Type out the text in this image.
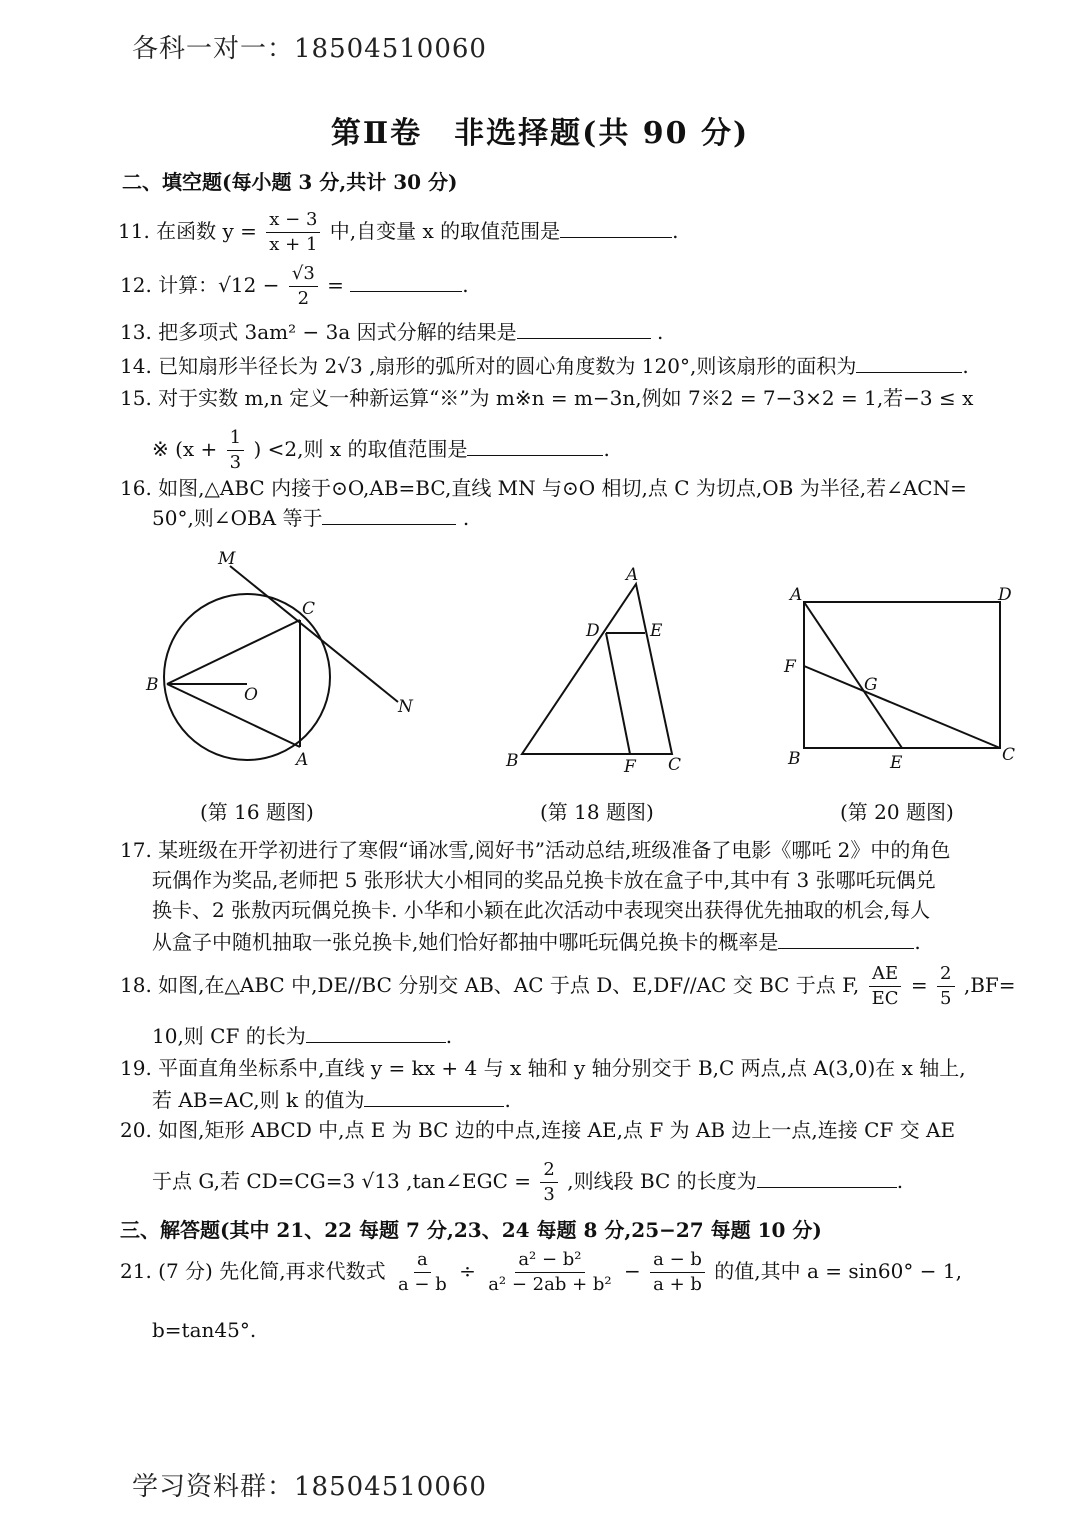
各科一对一：18504510060
第Ⅱ卷　非选择题(共 90 分)
二、填空题(每小题 3 分,共计 30 分)
11. 在函数 $y = \frac{x - 3}{x + 1}$ 中,自变量 x 的取值范围是	.
12. 计算：$√12 - \frac{√3}{2}$ =	.
13. 把多项式 3am² − 3a 因式分解的结果是	.
14. 已知扇形半径长为 2√3 ,扇形的弧所对的圆心角度数为 120°,则该扇形的面积为	.
15. 对于实数 m,n 定义一种新运算“※”为 m※n = m−3n,例如 7※2 = 7−3×2 = 1,若−3 ≤ x
※ ($x + \frac{1}{3}$ ) <2,则 x 的取值范围是	.
16. 如图,△ABC 内接于⊙O,AB=BC,直线 MN 与⊙O 相切,点 C 为切点,OB 为半径,若∠ACN=
50°,则∠OBA 等于	.
M
C
B	O
N
A
A
D	E
B	F C
A	D
F
G
B	E	C
(第 16 题图)	(第 18 题图)	(第 20 题图)
17. 某班级在开学初进行了寒假“诵冰雪,阅好书”活动总结,班级准备了电影《哪吒 2》中的角色
玩偶作为奖品,老师把 5 张形状大小相同的奖品兑换卡放在盒子中,其中有 3 张哪吒玩偶兑
换卡、2 张敖丙玩偶兑换卡. 小华和小颖在此次活动中表现突出获得优先抽取的机会,每人
从盒子中随机抽取一张兑换卡,她们恰好都抽中哪吒玩偶兑换卡的概率是	.
18. 如图,在△ABC 中,DE//BC 分别交 AB、AC 于点 D、E,DF//AC 交 BC 于点 F, $\frac{AE}{EC} = \frac{2}{5} ,BF=$
10,则 CF 的长为	.
19. 平面直角坐标系中,直线 y = kx + 4 与 x 轴和 y 轴分别交于 B,C 两点,点 A(3,0)在 x 轴上,
若 AB=AC,则 k 的值为	.
20. 如图,矩形 ABCD 中,点 E 为 BC 边的中点,连接 AE,点 F 为 AB 边上一点,连接 CF 交 AE
于点 G,若 CD=CG=3 √13 ,tan∠EGC = $\frac{2}{3}$ ,则线段 BC 的长度为	.
三、解答题(其中 21、22 每题 7 分,23、24 每题 8 分,25−27 每题 10 分)
21. (7 分) 先化简,再求代数式 $\frac{a}{a - b} \div \frac{\text{a² − b²}}{\text{a² − 2ab + b²}} - \frac{a - b}{a + b}$ 的值,其中 a = sin60° − 1,
b=tan45°.
学习资料群：18504510060
